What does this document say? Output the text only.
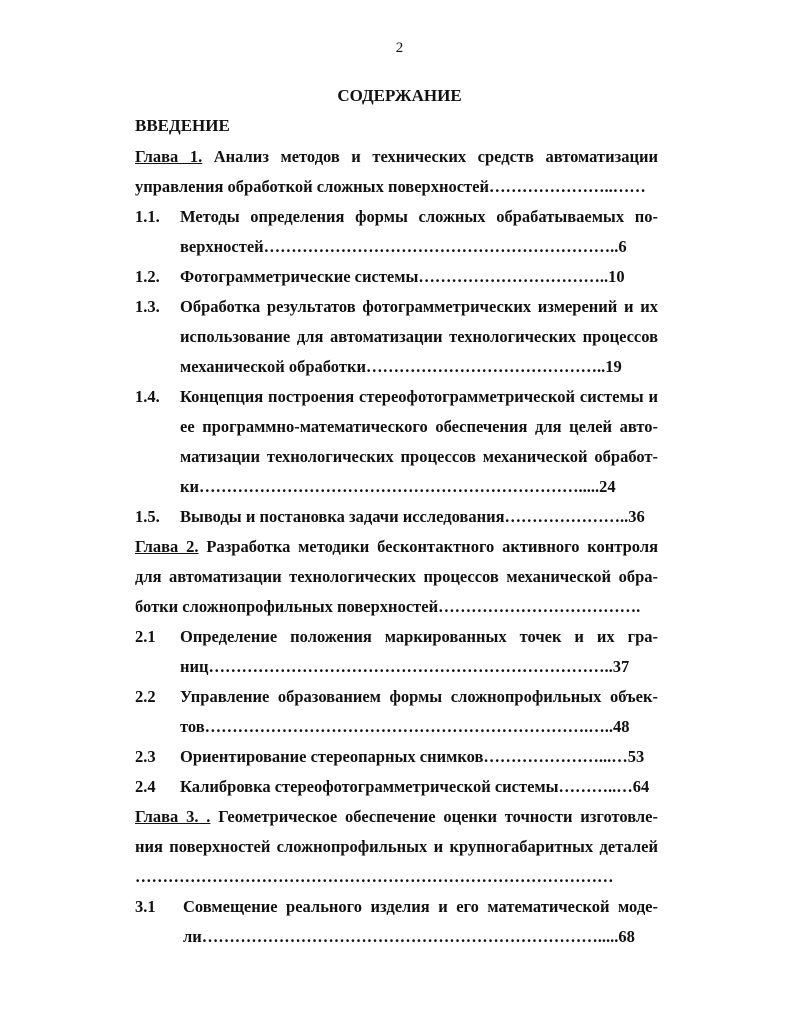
2
СОДЕРЖАНИЕ
ВВЕДЕНИЕ
Глава 1. Анализ методов и технических средств автоматизации
управления обработкой сложных поверхностей…………………..……
1.1. Методы определения формы сложных обрабатываемых по-
верхностей………………………………………………………..6
1.2. Фотограмметрические системы……………………………..10
1.3. Обработка результатов фотограмметрических измерений и их
использование для автоматизации технологических процессов
механической обработки……………………………………..19
1.4. Концепция построения стереофотограмметрической системы и
ее программно-математического обеспечения для целей авто-
матизации технологических процессов механической обработ-
ки…………………………………………………………….....24
1.5. Выводы и постановка задачи исследования…………………..36
Глава 2. Разработка методики бесконтактного активного контроля
для автоматизации технологических процессов механической обра-
ботки сложнопрофильных поверхностей……………………………….
2.1 Определение положения маркированных точек и их гра-
ниц………………………………………………………………..37
2.2 Управление образованием формы сложнопрофильных объек-
тов…………………………………………………………….…..48
2.3 Ориентирование стереопарных снимков…………………...…53
2.4 Калибровка стереофотограмметрической системы………..…64
Глава 3. . Геометрическое обеспечение оценки точности изготовле-
ния поверхностей сложнопрофильных и крупногабаритных деталей
……………………………………………………………………………
3.1 Совмещение реального изделия и его математической моде-
ли……………………………………………………………….....68
